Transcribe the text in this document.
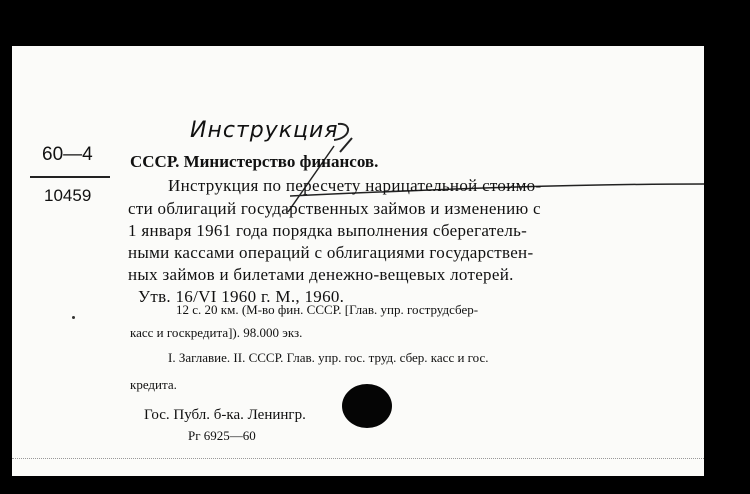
Инструкция
60—4
10459
СССР. Министерство финансов.
Инструкция по пересчету нарицательной стоимо-
сти облигаций государственных займов и изменению с
1 января 1961 года порядка выполнения сберегатель-
ными кассами операций с облигациями государствен-
ных займов и билетами денежно-вещевых лотерей.
Утв. 16/VI 1960 г. M., 1960.
12 с. 20 км. (М-во фин. СССР. [Глав. упр. гострудсбер-
касс и госкредита]). 98.000 экз.
I. Заглавие. II. СССР. Глав. упр. гос. труд. сбер. касс и гос.
кредита.
Гос. Публ. б-ка. Ленингр.
Рг 6925—60
